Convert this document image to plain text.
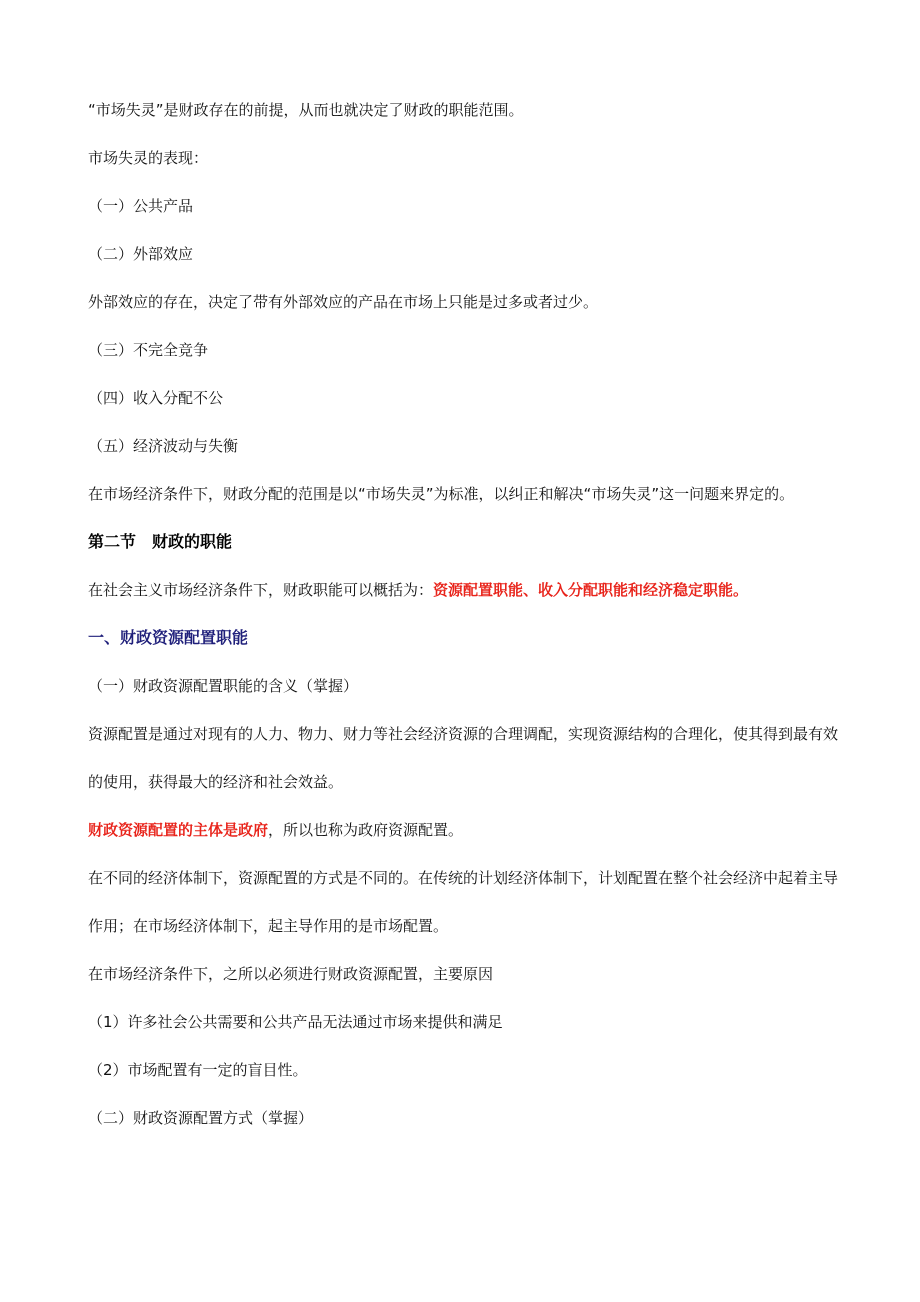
“市场失灵”是财政存在的前提，从而也就决定了财政的职能范围。

市场失灵的表现：

（一）公共产品

（二）外部效应

外部效应的存在，决定了带有外部效应的产品在市场上只能是过多或者过少。

（三）不完全竞争

（四）收入分配不公

（五）经济波动与失衡

在市场经济条件下，财政分配的范围是以“市场失灵”为标准，以纠正和解决“市场失灵”这一问题来界定的。

第二节　财政的职能

在社会主义市场经济条件下，财政职能可以概括为：资源配置职能、收入分配职能和经济稳定职能。

一、财政资源配置职能

（一）财政资源配置职能的含义（掌握）

资源配置是通过对现有的人力、物力、财力等社会经济资源的合理调配，实现资源结构的合理化，使其得到最有效的使用，获得最大的经济和社会效益。

财政资源配置的主体是政府，所以也称为政府资源配置。

在不同的经济体制下，资源配置的方式是不同的。在传统的计划经济体制下，计划配置在整个社会经济中起着主导作用；在市场经济体制下，起主导作用的是市场配置。

在市场经济条件下，之所以必须进行财政资源配置，主要原因

（1）许多社会公共需要和公共产品无法通过市场来提供和满足

（2）市场配置有一定的盲目性。

（二）财政资源配置方式（掌握）
